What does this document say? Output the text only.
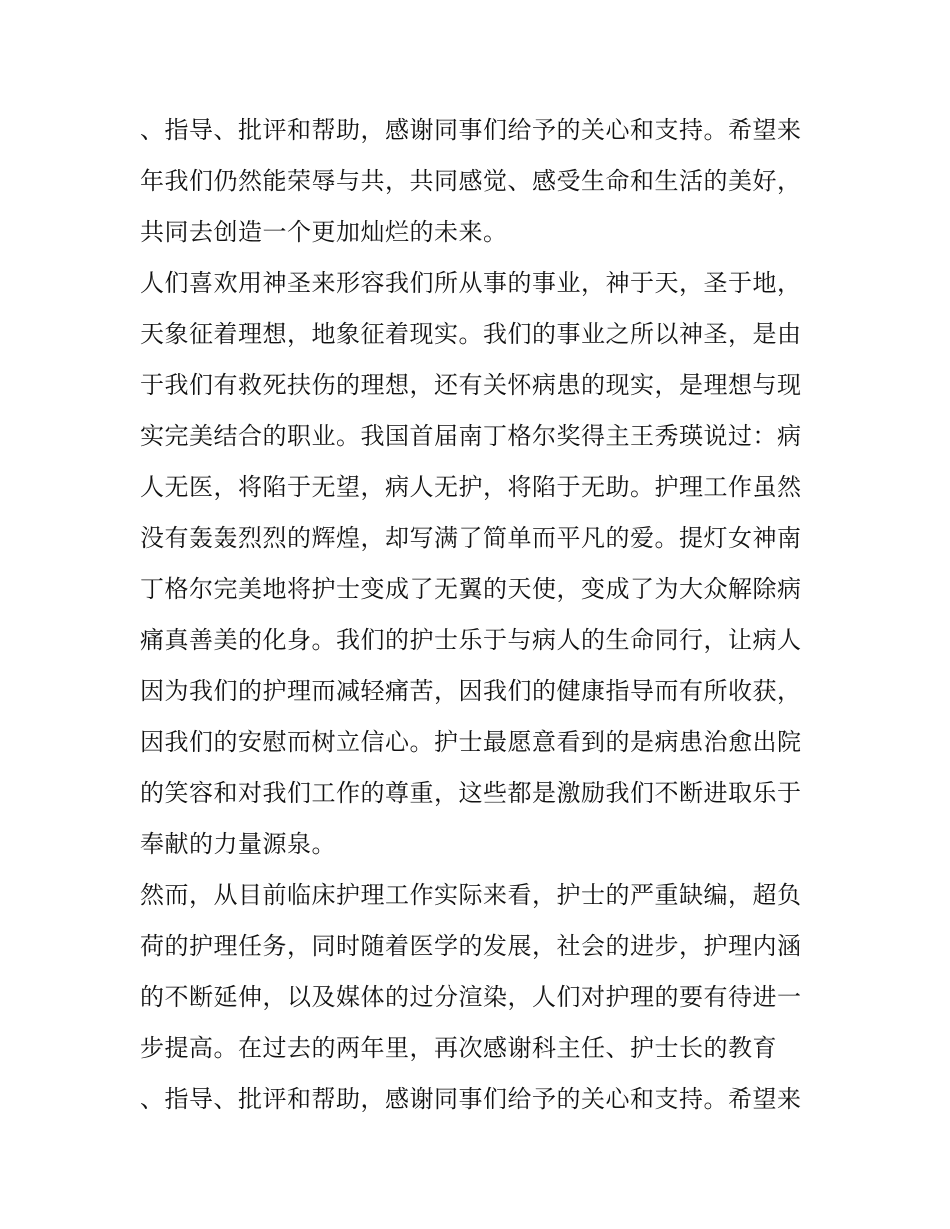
、指导、批评和帮助，感谢同事们给予的关心和支持。希望来
年我们仍然能荣辱与共，共同感觉、感受生命和生活的美好，
共同去创造一个更加灿烂的未来。
人们喜欢用神圣来形容我们所从事的事业，神于天，圣于地，
天象征着理想，地象征着现实。我们的事业之所以神圣，是由
于我们有救死扶伤的理想，还有关怀病患的现实，是理想与现
实完美结合的职业。我国首届南丁格尔奖得主王秀瑛说过：病
人无医，将陷于无望，病人无护，将陷于无助。护理工作虽然
没有轰轰烈烈的辉煌，却写满了简单而平凡的爱。提灯女神南
丁格尔完美地将护士变成了无翼的天使，变成了为大众解除病
痛真善美的化身。我们的护士乐于与病人的生命同行，让病人
因为我们的护理而减轻痛苦，因我们的健康指导而有所收获，
因我们的安慰而树立信心。护士最愿意看到的是病患治愈出院
的笑容和对我们工作的尊重，这些都是激励我们不断进取乐于
奉献的力量源泉。
然而，从目前临床护理工作实际来看，护士的严重缺编，超负
荷的护理任务，同时随着医学的发展，社会的进步，护理内涵
的不断延伸，以及媒体的过分渲染，人们对护理的要有待进一
步提高。在过去的两年里，再次感谢科主任、护士长的教育
、指导、批评和帮助，感谢同事们给予的关心和支持。希望来
